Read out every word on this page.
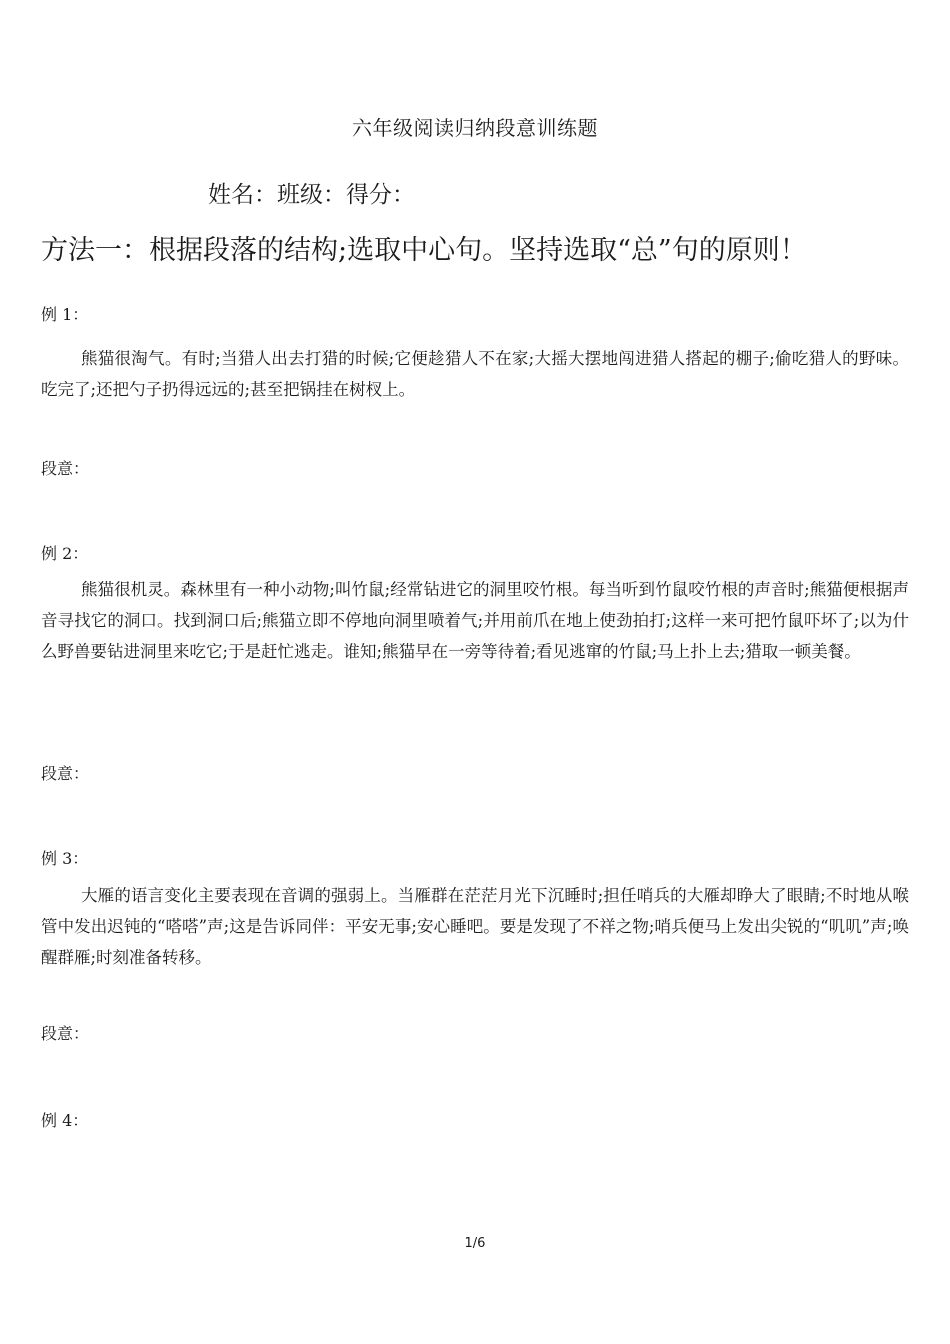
六年级阅读归纳段意训练题
姓名：班级：得分：
方法一：根据段落的结构;选取中心句。坚持选取“总”句的原则！
例 1：
熊猫很淘气。有时;当猎人出去打猎的时候;它便趁猎人不在家;大摇大摆地闯进猎人搭起的棚子;偷吃猎人的野味。吃完了;还把勺子扔得远远的;甚至把锅挂在树杈上。
段意：
例 2：
熊猫很机灵。森林里有一种小动物;叫竹鼠;经常钻进它的洞里咬竹根。每当听到竹鼠咬竹根的声音时;熊猫便根据声音寻找它的洞口。找到洞口后;熊猫立即不停地向洞里喷着气;并用前爪在地上使劲拍打;这样一来可把竹鼠吓坏了;以为什么野兽要钻进洞里来吃它;于是赶忙逃走。谁知;熊猫早在一旁等待着;看见逃窜的竹鼠;马上扑上去;猎取一顿美餐。
段意：
例 3：
大雁的语言变化主要表现在音调的强弱上。当雁群在茫茫月光下沉睡时;担任哨兵的大雁却睁大了眼睛;不时地从喉管中发出迟钝的“嗒嗒”声;这是告诉同伴：平安无事;安心睡吧。要是发现了不祥之物;哨兵便马上发出尖锐的“叽叽”声;唤醒群雁;时刻准备转移。
段意：
例 4：
1/6
